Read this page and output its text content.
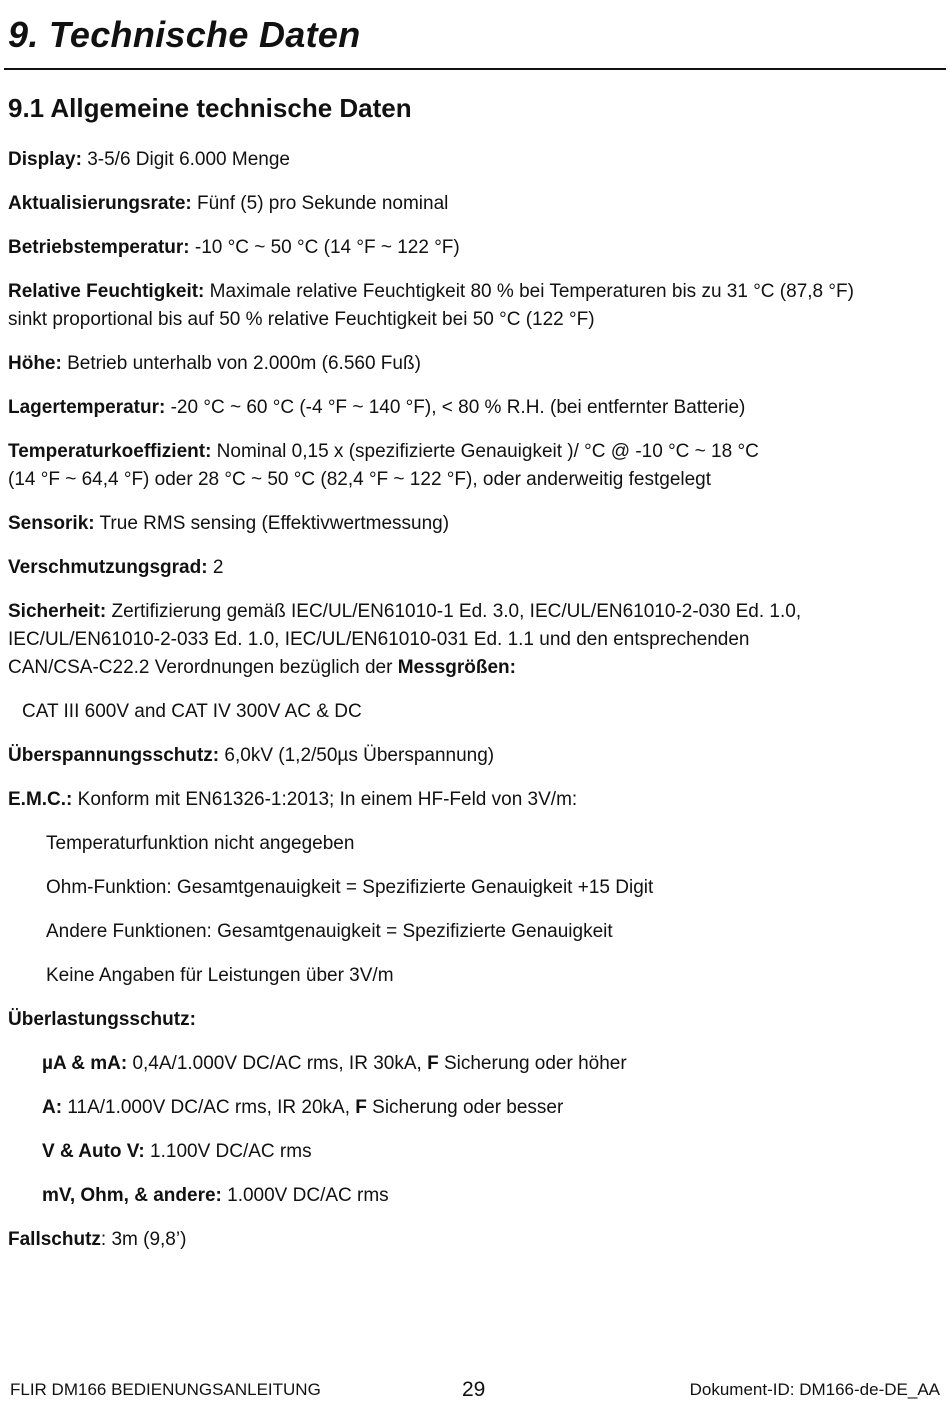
9. Technische Daten
9.1 Allgemeine technische Daten

Display: 3-5/6 Digit 6.000 Menge

Aktualisierungsrate: Fünf (5) pro Sekunde nominal

Betriebstemperatur: -10 °C ~ 50 °C (14 °F ~ 122 °F)

Relative Feuchtigkeit: Maximale relative Feuchtigkeit 80 % bei Temperaturen bis zu 31 °C (87,8 °F)

sinkt proportional bis auf 50 % relative Feuchtigkeit bei 50 °C (122 °F)

Höhe: Betrieb unterhalb von 2.000m (6.560 Fuß)

Lagertemperatur: -20 °C ~ 60 °C (-4 °F ~ 140 °F), < 80 % R.H. (bei entfernter Batterie)

Temperaturkoeffizient: Nominal 0,15 x (spezifizierte Genauigkeit )/ °C @ -10 °C ~ 18 °C

(14 °F ~ 64,4 °F) oder 28 °C ~ 50 °C (82,4 °F ~ 122 °F), oder anderweitig festgelegt

Sensorik: True RMS sensing (Effektivwertmessung)

Verschmutzungsgrad: 2

Sicherheit: Zertifizierung gemäß IEC/UL/EN61010-1 Ed. 3.0, IEC/UL/EN61010-2-030 Ed. 1.0,

IEC/UL/EN61010-2-033 Ed. 1.0, IEC/UL/EN61010-031 Ed. 1.1 und den entsprechenden

CAN/CSA-C22.2 Verordnungen bezüglich der Messgrößen:

CAT III 600V and CAT IV 300V AC & DC

Überspannungsschutz: 6,0kV (1,2/50µs Überspannung)

E.M.C.: Konform mit EN61326-1:2013; In einem HF-Feld von 3V/m:

Temperaturfunktion nicht angegeben

Ohm-Funktion: Gesamtgenauigkeit = Spezifizierte Genauigkeit +15 Digit

Andere Funktionen: Gesamtgenauigkeit = Spezifizierte Genauigkeit

Keine Angaben für Leistungen über 3V/m

Überlastungsschutz:

µA & mA: 0,4A/1.000V DC/AC rms, IR 30kA, F Sicherung oder höher

A: 11A/1.000V DC/AC rms, IR 20kA, F Sicherung oder besser

V & Auto V: 1.100V DC/AC rms

mV, Ohm, & andere: 1.000V DC/AC rms

Fallschutz: 3m (9,8’)

FLIR DM166 BEDIENUNGSANLEITUNG	29	Dokument-ID: DM166-de-DE_AA
